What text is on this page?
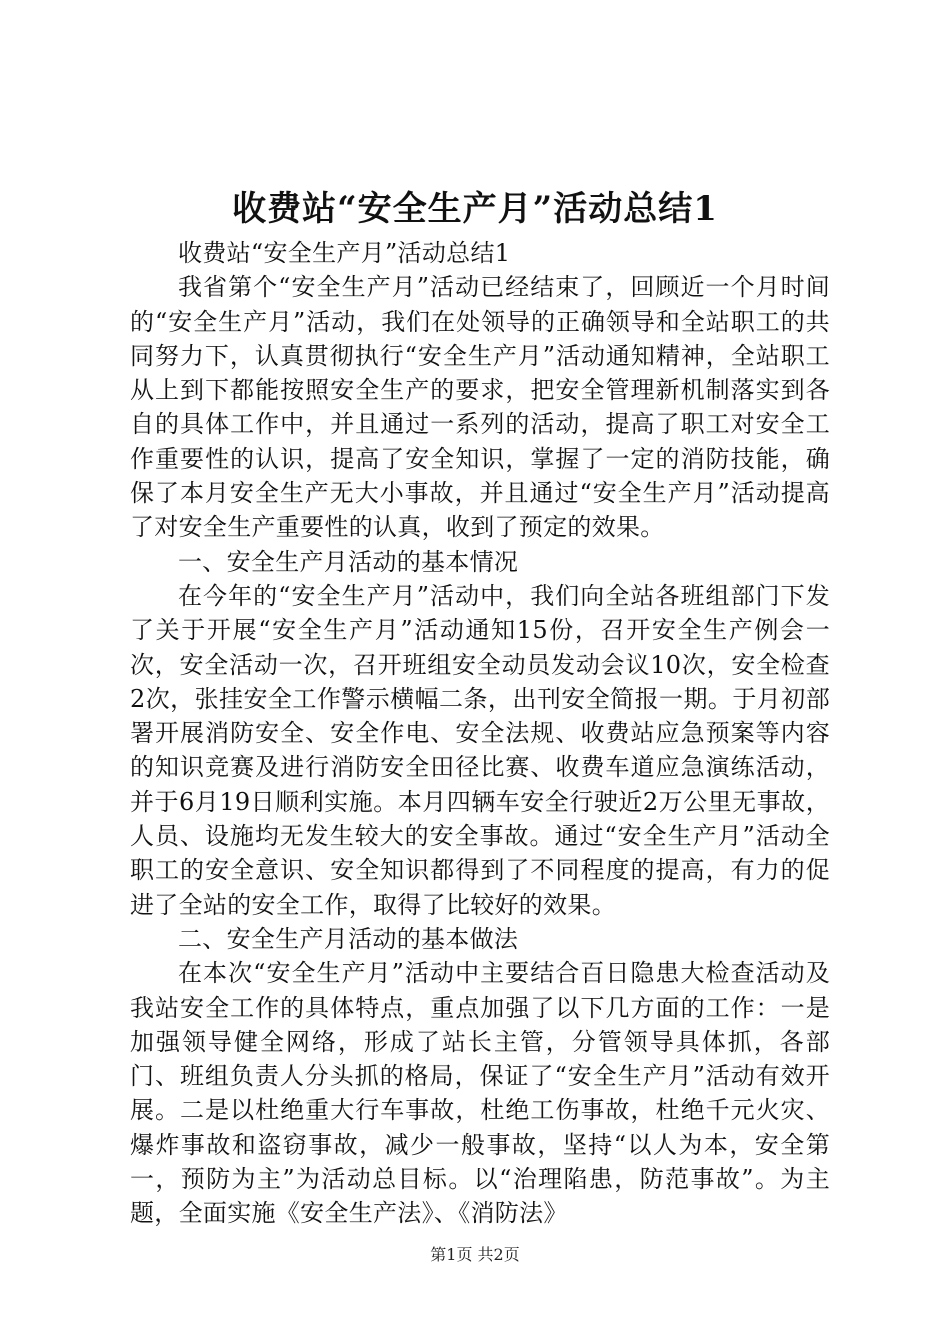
收费站“安全生产月”活动总结1

收费站“安全生产月”活动总结1

我省第个“安全生产月”活动已经结束了，回顾近一个月时间的“安全生产月”活动，我们在处领导的正确领导和全站职工的共同努力下，认真贯彻执行“安全生产月”活动通知精神，全站职工从上到下都能按照安全生产的要求，把安全管理新机制落实到各自的具体工作中，并且通过一系列的活动，提高了职工对安全工作重要性的认识，提高了安全知识，掌握了一定的消防技能，确保了本月安全生产无大小事故，并且通过“安全生产月”活动提高了对安全生产重要性的认真，收到了预定的效果。

一、安全生产月活动的基本情况

在今年的“安全生产月”活动中，我们向全站各班组部门下发了关于开展“安全生产月”活动通知15份，召开安全生产例会一次，安全活动一次，召开班组安全动员发动会议10次，安全检查2次，张挂安全工作警示横幅二条，出刊安全简报一期。于月初部署开展消防安全、安全作电、安全法规、收费站应急预案等内容的知识竞赛及进行消防安全田径比赛、收费车道应急演练活动，并于6月19日顺利实施。本月四辆车安全行驶近2万公里无事故，人员、设施均无发生较大的安全事故。通过“安全生产月”活动全职工的安全意识、安全知识都得到了不同程度的提高，有力的促进了全站的安全工作，取得了比较好的效果。

二、安全生产月活动的基本做法

在本次“安全生产月”活动中主要结合百日隐患大检查活动及我站安全工作的具体特点，重点加强了以下几方面的工作：一是加强领导健全网络，形成了站长主管，分管领导具体抓，各部门、班组负责人分头抓的格局，保证了“安全生产月”活动有效开展。二是以杜绝重大行车事故，杜绝工伤事故，杜绝千元火灾、爆炸事故和盗窃事故，减少一般事故，坚持“以人为本，安全第一，预防为主”为活动总目标。以“治理陷患，防范事故”。为主题，全面实施《安全生产法》、《消防法》

第1页 共2页
